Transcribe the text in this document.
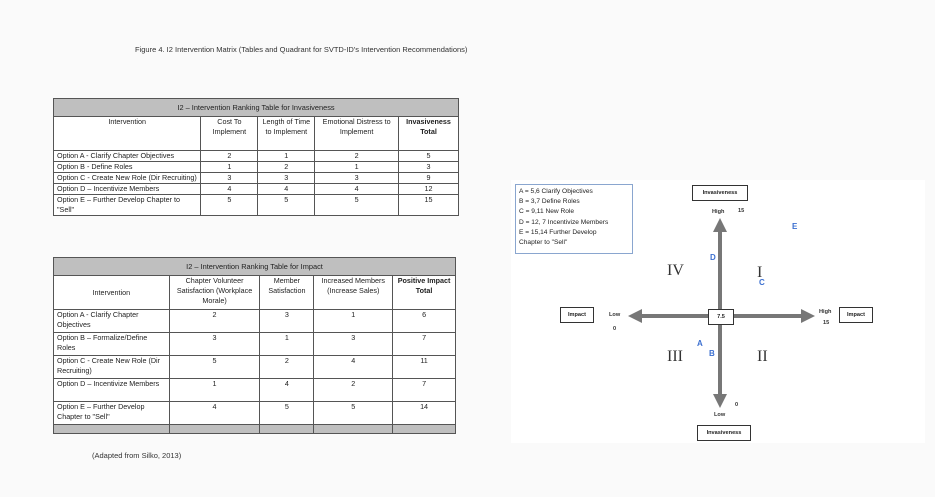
Figure 4. I2 Intervention Matrix (Tables and Quadrant for SVTD-ID's Intervention Recommendations)
I2 – Intervention Ranking Table for Invasiveness				
Intervention	Cost To Implement	Length of Time to Implement	Emotional Distress to Implement	Invasiveness Total
Option A - Clarify Chapter Objectives	2	1	2	5
Option B - Define Roles	1	2	1	3
Option C - Create New Role (Dir Recruiting)	3	3	3	9
Option D – Incentivize Members	4	4	4	12
Option E – Further Develop Chapter to "Sell"	5	5	5	15
I2 – Intervention Ranking Table for Impact				
Intervention	Chapter Volunteer Satisfaction (Workplace Morale)	Member Satisfaction	Increased Members (Increase Sales)	Positive Impact Total
Option A - Clarify Chapter Objectives	2	3	1	6
Option B – Formalize/Define Roles	3	1	3	7
Option C - Create New Role (Dir Recruiting)	5	2	4	11
Option D – Incentivize Members	1	4	2	7
Option E – Further Develop Chapter to "Sell"	4	5	5	14

(Adapted from Silko, 2013)
A = 5,6 Clarify Objectives
B = 3,7 Define Roles
C = 9,11 New Role
D = 12, 7 Incentivize Members
E = 15,14 Further Develop
Chapter to "Sell"
7.5
Invasiveness
Invasiveness
Impact	Impact
High 15
Low
0
Low
0
High
15
I
II
III
IV
A
B
C
D
E
